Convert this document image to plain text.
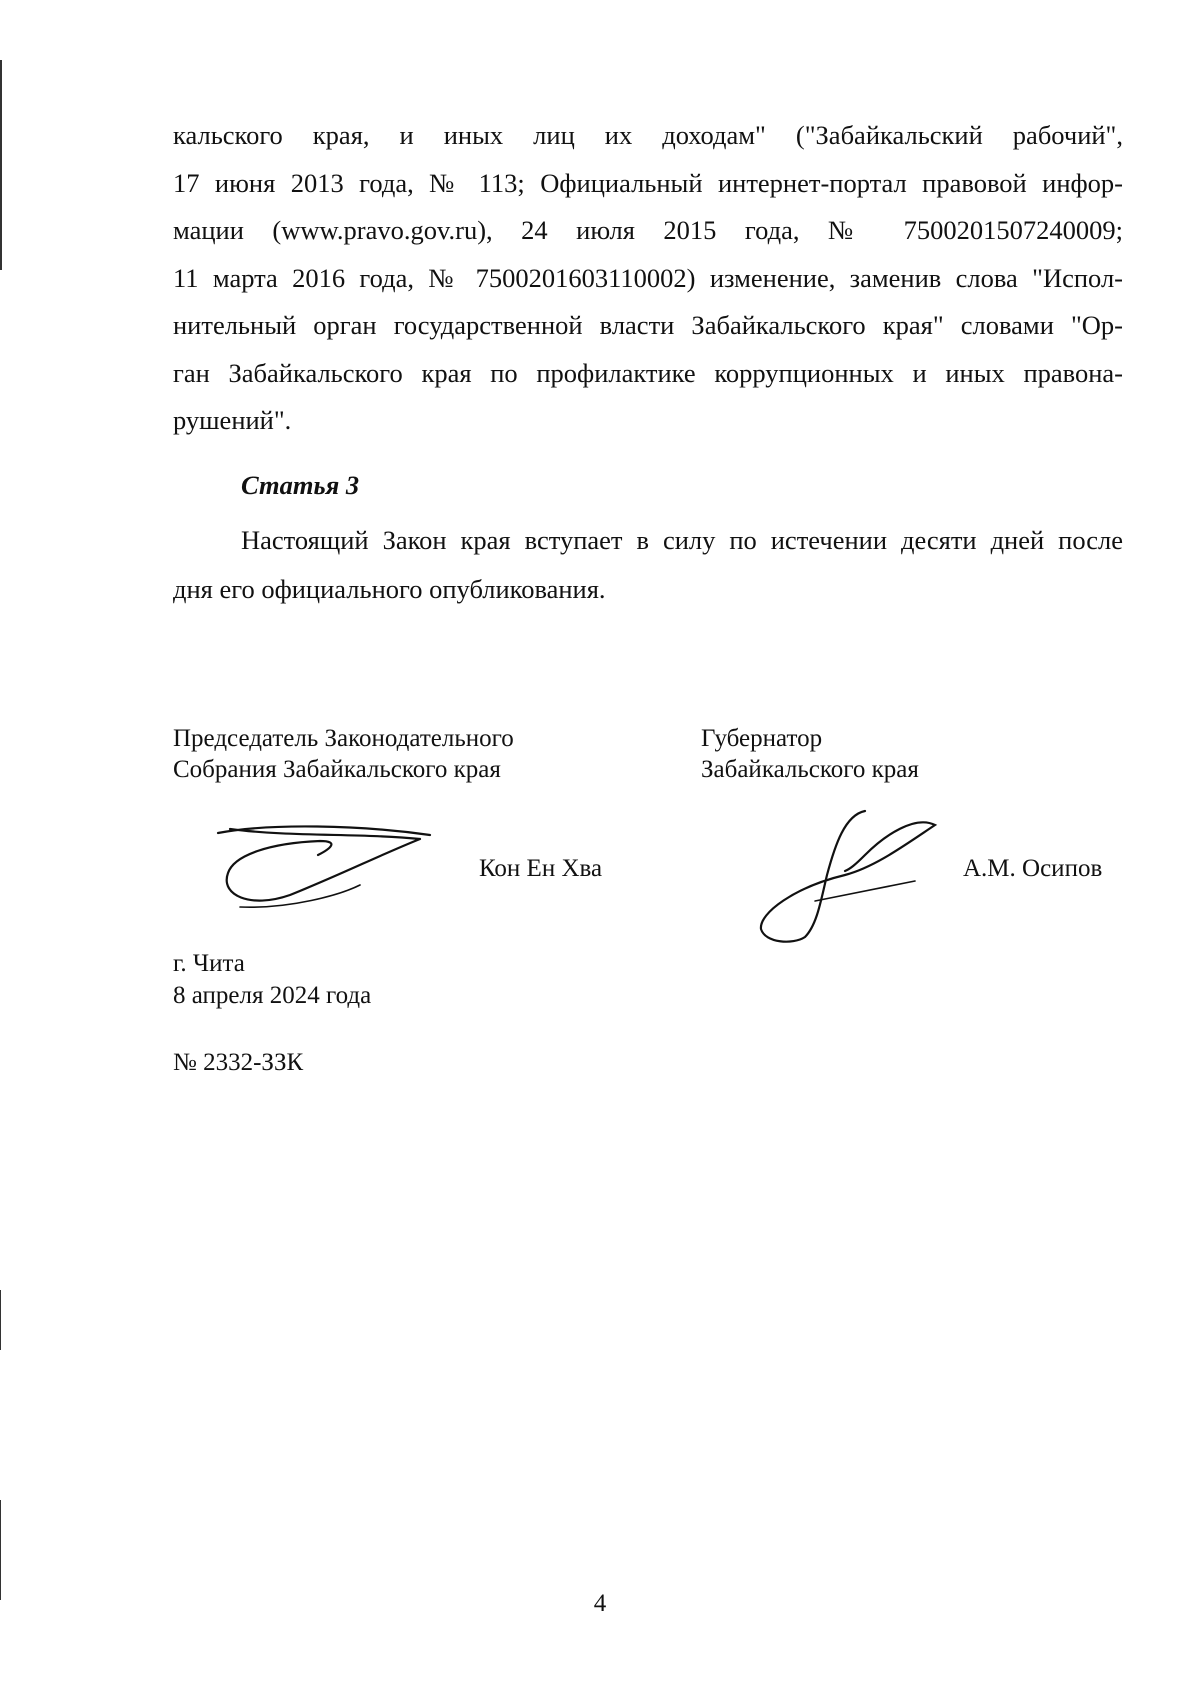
кальского края, и иных лиц их доходам" ("Забайкальский рабочий",
17 июня 2013 года, № 113; Официальный интернет-портал правовой инфор-
мации (www.pravo.gov.ru), 24 июля 2015 года, № 7500201507240009;
11 марта 2016 года, № 7500201603110002) изменение, заменив слова "Испол-
нительный орган государственной власти Забайкальского края" словами "Ор-
ган Забайкальского края по профилактике коррупционных и иных правона-
рушений".
Статья 3
Настоящий Закон края вступает в силу по истечении десяти дней после
дня его официального опубликования.
Председатель Законодательного
Собрания Забайкальского края
Губернатор
Забайкальского края
Кон Ен Хва	А.М. Осипов
г. Чита
8 апреля 2024 года
№ 2332-ЗЗК
4
